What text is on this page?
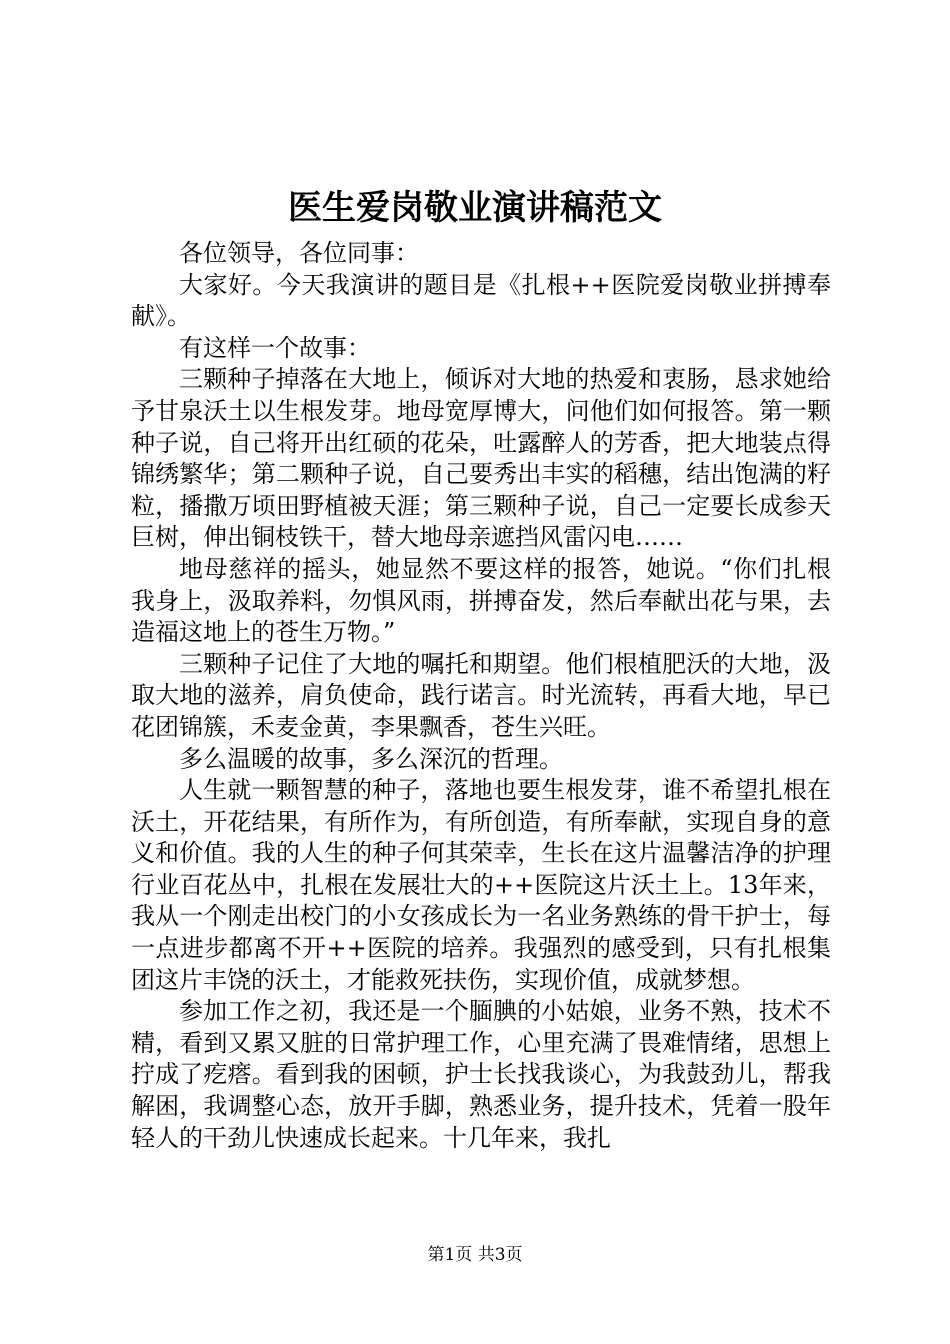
医生爱岗敬业演讲稿范文

各位领导，各位同事：

大家好。今天我演讲的题目是《扎根++医院爱岗敬业拼搏奉献》。

有这样一个故事：

三颗种子掉落在大地上，倾诉对大地的热爱和衷肠，恳求她给予甘泉沃土以生根发芽。地母宽厚博大，问他们如何报答。第一颗种子说，自己将开出红硕的花朵，吐露醉人的芳香，把大地装点得锦绣繁华；第二颗种子说，自己要秀出丰实的稻穗，结出饱满的籽粒，播撒万顷田野植被天涯；第三颗种子说，自己一定要长成参天巨树，伸出铜枝铁干，替大地母亲遮挡风雷闪电……

地母慈祥的摇头，她显然不要这样的报答，她说。“你们扎根我身上，汲取养料，勿惧风雨，拼搏奋发，然后奉献出花与果，去造福这地上的苍生万物。”

三颗种子记住了大地的嘱托和期望。他们根植肥沃的大地，汲取大地的滋养，肩负使命，践行诺言。时光流转，再看大地，早已花团锦簇，禾麦金黄，李果飘香，苍生兴旺。

多么温暖的故事，多么深沉的哲理。

人生就一颗智慧的种子，落地也要生根发芽，谁不希望扎根在沃土，开花结果，有所作为，有所创造，有所奉献，实现自身的意义和价值。我的人生的种子何其荣幸，生长在这片温馨洁净的护理行业百花丛中，扎根在发展壮大的++医院这片沃土上。13年来，我从一个刚走出校门的小女孩成长为一名业务熟练的骨干护士，每一点进步都离不开++医院的培养。我强烈的感受到，只有扎根集团这片丰饶的沃土，才能救死扶伤，实现价值，成就梦想。

参加工作之初，我还是一个腼腆的小姑娘，业务不熟，技术不精，看到又累又脏的日常护理工作，心里充满了畏难情绪，思想上拧成了疙瘩。看到我的困顿，护士长找我谈心，为我鼓劲儿，帮我解困，我调整心态，放开手脚，熟悉业务，提升技术，凭着一股年轻人的干劲儿快速成长起来。十几年来，我扎

第1页 共3页
